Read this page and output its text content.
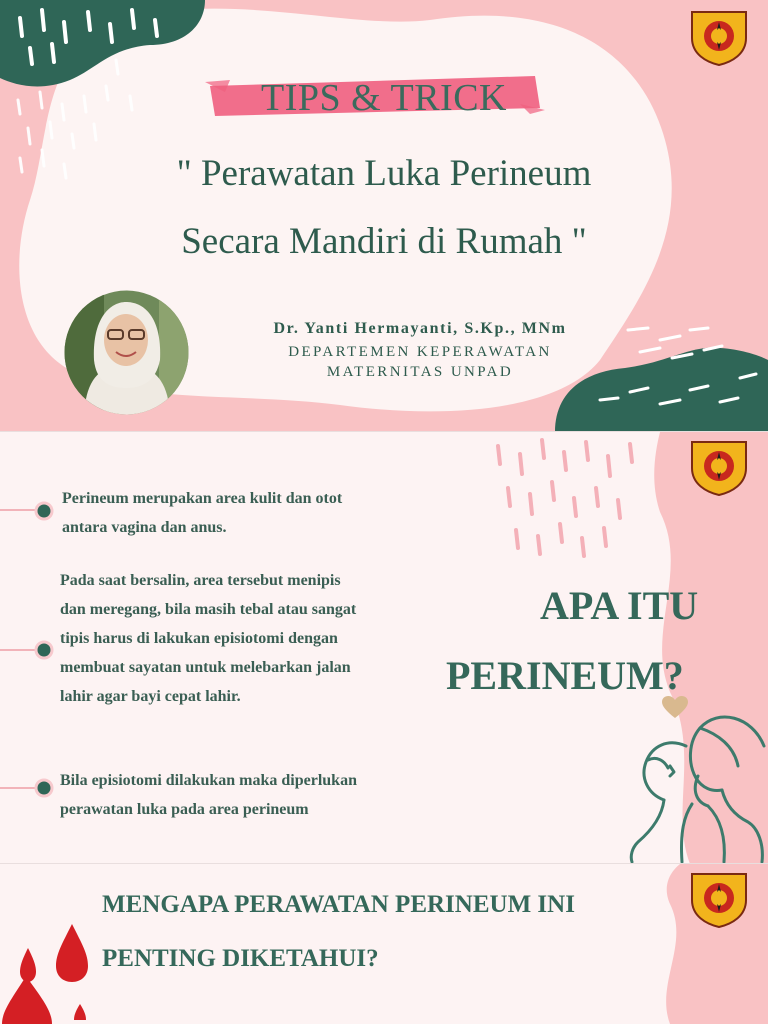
TIPS & TRICK
" Perawatan Luka Perineum
Secara Mandiri di Rumah "
Dr. Yanti Hermayanti, S.Kp., MNm
DEPARTEMEN KEPERAWATAN
MATERNITAS UNPAD
Perineum merupakan area kulit dan otot
antara vagina dan anus.
Pada saat bersalin, area tersebut menipis
dan meregang, bila masih tebal atau sangat
tipis harus di lakukan episiotomi dengan
membuat sayatan untuk melebarkan jalan
lahir agar bayi cepat lahir.
Bila episiotomi dilakukan maka diperlukan
perawatan luka pada area perineum
APA ITU
PERINEUM?
MENGAPA PERAWATAN PERINEUM INI
PENTING DIKETAHUI?
